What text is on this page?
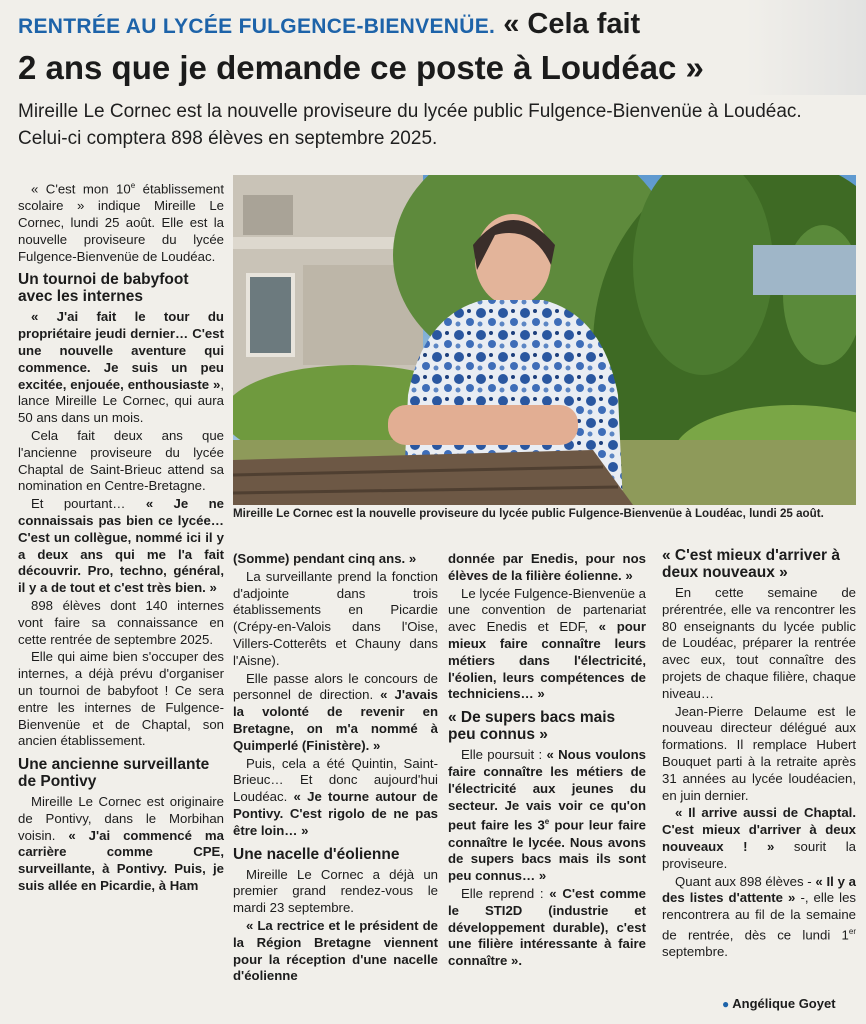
RENTRÉE AU LYCÉE FULGENCE-BIENVENÜE. « Cela fait
2 ans que je demande ce poste à Loudéac »
Mireille Le Cornec est la nouvelle proviseure du lycée public Fulgence-Bienvenüe à Loudéac. Celui-ci comptera 898 élèves en septembre 2025.
Mireille Le Cornec est la nouvelle proviseure du lycée public Fulgence-Bienvenüe à Loudéac, lundi 25 août.

« C'est mon 10e établissement scolaire » indique Mireille Le Cornec, lundi 25 août. Elle est la nouvelle proviseure du lycée Fulgence-Bienvenüe de Loudéac.

Un tournoi de babyfoot avec les internes

« J'ai fait le tour du propriétaire jeudi dernier… C'est une nouvelle aventure qui commence. Je suis un peu excitée, enjouée, enthousiaste », lance Mireille Le Cornec, qui aura 50 ans dans un mois.

Cela fait deux ans que l'ancienne proviseure du lycée Chaptal de Saint-Brieuc attend sa nomination en Centre-Bretagne.

Et pourtant… « Je ne connaissais pas bien ce lycée… C'est un collègue, nommé ici il y a deux ans qui me l'a fait découvrir. Pro, techno, général, il y a de tout et c'est très bien. »

898 élèves dont 140 internes vont faire sa connaissance en cette rentrée de septembre 2025.

Elle qui aime bien s'occuper des internes, a déjà prévu d'organiser un tournoi de babyfoot ! Ce sera entre les internes de Fulgence-Bienvenüe et de Chaptal, son ancien établissement.

Une ancienne surveillante de Pontivy

Mireille Le Cornec est originaire de Pontivy, dans le Morbihan voisin. « J'ai commencé ma carrière comme CPE, surveillante, à Pontivy. Puis, je suis allée en Picardie, à Ham

(Somme) pendant cinq ans. »

La surveillante prend la fonction d'adjointe dans trois établissements en Picardie (Crépy-en-Valois dans l'Oise, Villers-Cotterêts et Chauny dans l'Aisne).

Elle passe alors le concours de personnel de direction. « J'avais la volonté de revenir en Bretagne, on m'a nommé à Quimperlé (Finistère). »

Puis, cela a été Quintin, Saint-Brieuc… Et donc aujourd'hui Loudéac. « Je tourne autour de Pontivy. C'est rigolo de ne pas être loin… »

Une nacelle d'éolienne

Mireille Le Cornec a déjà un premier grand rendez-vous le mardi 23 septembre.

« La rectrice et le président de la Région Bretagne viennent pour la réception d'une nacelle d'éolienne

donnée par Enedis, pour nos élèves de la filière éolienne. »

Le lycée Fulgence-Bienvenüe a une convention de partenariat avec Enedis et EDF, « pour mieux faire connaître leurs métiers dans l'électricité, l'éolien, leurs compétences de techniciens… »

« De supers bacs mais peu connus »

Elle poursuit : « Nous voulons faire connaître les métiers de l'électricité aux jeunes du secteur. Je vais voir ce qu'on peut faire les 3e pour leur faire connaître le lycée. Nous avons de supers bacs mais ils sont peu connus… »

Elle reprend : « C'est comme le STI2D (industrie et développement durable), c'est une filière intéressante à faire connaître ».

« C'est mieux d'arriver à deux nouveaux »

En cette semaine de prérentrée, elle va rencontrer les 80 enseignants du lycée public de Loudéac, préparer la rentrée avec eux, tout connaître des projets de chaque filière, chaque niveau…

Jean-Pierre Delaume est le nouveau directeur délégué aux formations. Il remplace Hubert Bouquet parti à la retraite après 31 années au lycée loudéacien, en juin dernier.

« Il arrive aussi de Chaptal. C'est mieux d'arriver à deux nouveaux ! » sourit la proviseure.

Quant aux 898 élèves - « Il y a des listes d'attente » -, elle les rencontrera au fil de la semaine de rentrée, dès ce lundi 1er septembre.

● Angélique Goyet
